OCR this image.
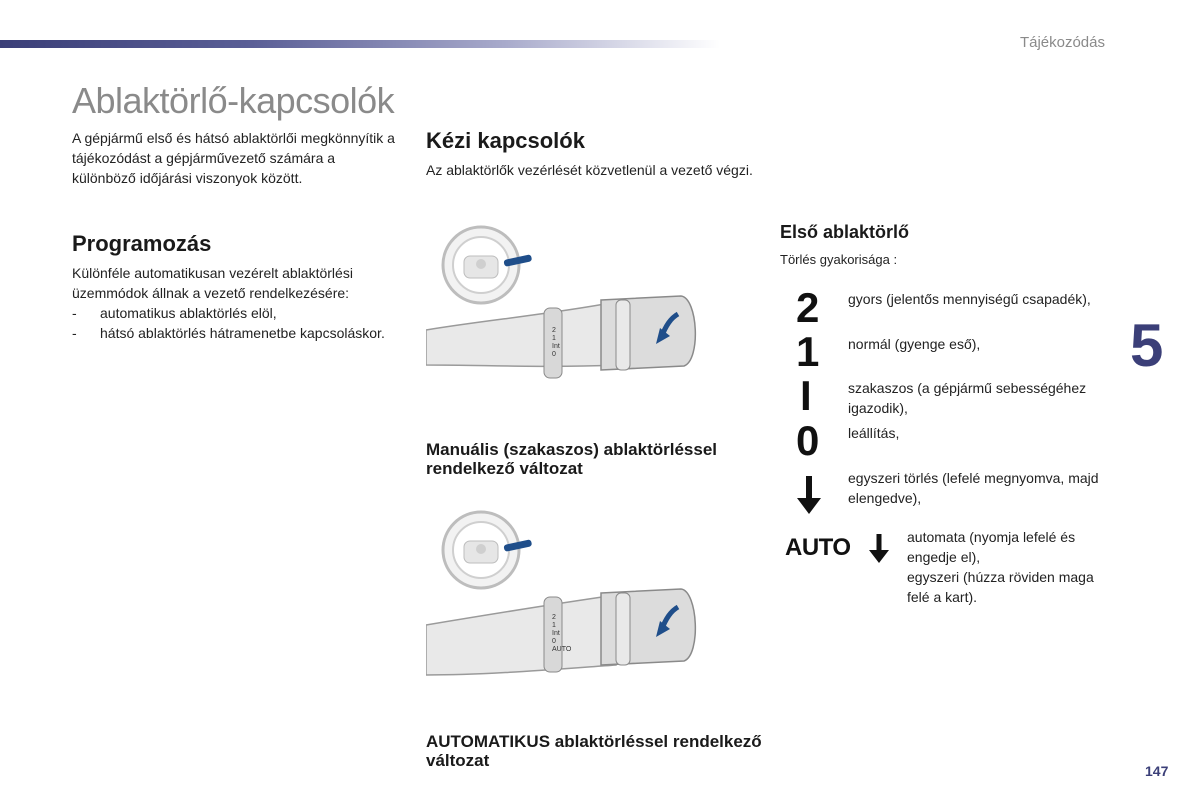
Tájékozódás
Ablaktörlő-kapcsolók

A gépjármű első és hátsó ablaktörlői megkönnyítik a tájékozódást a gépjárművezető számára a különböző időjárási viszonyok között.

Programozás

Különféle automatikusan vezérelt ablaktörlési üzemmódok állnak a vezető rendelkezésére:

- automatikus ablaktörlés elöl,
- hátsó ablaktörlés hátramenetbe kapcsoláskor.
Kézi kapcsolók

Az ablaktörlők vezérlését közvetlenül a vezető végzi.

2
1
Int
0
Manuális (szakaszos) ablaktörléssel rendelkező változat
2
1
Int
0
AUTO
AUTOMATIKUS ablaktörléssel rendelkező változat
Első ablaktörlő
Törlés gyakorisága :
2 gyors (jelentős mennyiségű csapadék),
1 normál (gyenge eső),
I	szakaszos (a gépjármű sebességéhez igazodik),
0 leállítás,
egyszeri törlés (lefelé megnyomva, majd elengedve),
AUTO	automata (nyomja lefelé és engedje el),
egyszeri (húzza röviden maga felé a kart).
5
147
